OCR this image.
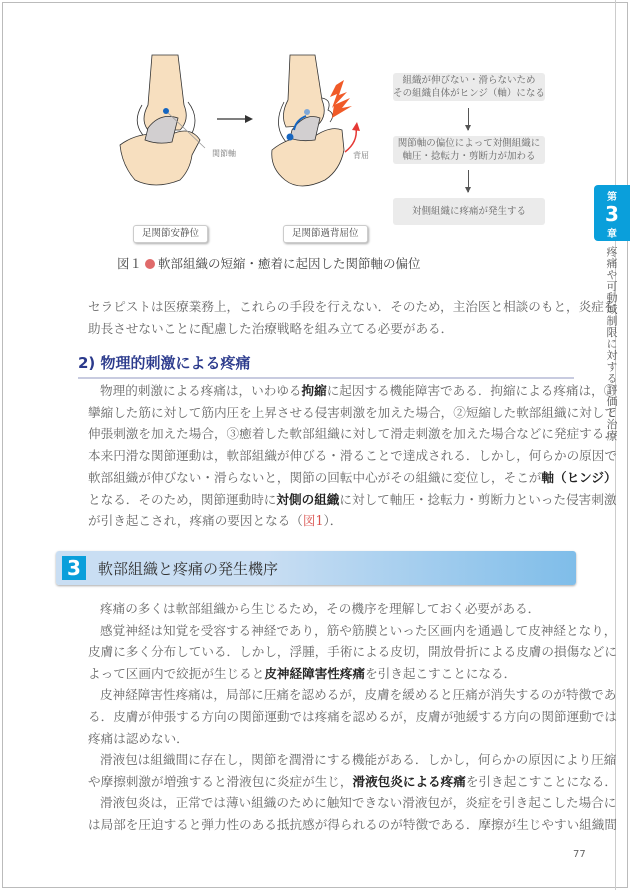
関節軸	背屈
足関節安静位	足関節過背屈位
組織が伸びない・滑らないため
その組織自体がヒンジ（軸）になる
関節軸の偏位によって対側組織に
軸圧・捻転力・剪断力が加わる
対側組織に疼痛が発生する
図１ 軟部組織の短縮・癒着に起因した関節軸の偏位
セラピストは医療業務上，これらの手段を行えない．そのため，主治医と相談のもと，炎症を
助長させないことに配慮した治療戦略を組み立てる必要がある．
2) 物理的刺激による疼痛
物理的刺激による疼痛は，いわゆる拘縮に起因する機能障害である．拘縮による疼痛は，①
攣縮した筋に対して筋内圧を上昇させる侵害刺激を加えた場合，②短縮した軟部組織に対して
伸張刺激を加えた場合，③癒着した軟部組織に対して滑走刺激を加えた場合などに発症する．
本来円滑な関節運動は，軟部組織が伸びる・滑ることで達成される．しかし，何らかの原因で
軟部組織が伸びない・滑らないと，関節の回転中心がその組織に変位し，そこが軸（ヒンジ）
となる．そのため，関節運動時に対側の組織に対して軸圧・捻転力・剪断力といった侵害刺激
が引き起こされ，疼痛の要因となる（図1）．
3	軟部組織と疼痛の発生機序
疼痛の多くは軟部組織から生じるため，その機序を理解しておく必要がある．
感覚神経は知覚を受容する神経であり，筋や筋膜といった区画内を通過して皮神経となり，
皮膚に多く分布している．しかし，浮腫，手術による皮切，開放骨折による皮膚の損傷などに
よって区画内で絞扼が生じると皮神経障害性疼痛を引き起こすことになる．
皮神経障害性疼痛は，局部に圧痛を認めるが，皮膚を緩めると圧痛が消失するのが特徴であ
る．皮膚が伸張する方向の関節運動では疼痛を認めるが，皮膚が弛緩する方向の関節運動では
疼痛は認めない．
滑液包は組織間に存在し，関節を潤滑にする機能がある．しかし，何らかの原因により圧縮
や摩擦刺激が増強すると滑液包に炎症が生じ，滑液包炎による疼痛を引き起こすことになる．
滑液包炎は，正常では薄い組織のために触知できない滑液包が，炎症を引き起こした場合に
は局部を圧迫すると弾力性のある抵抗感が得られるのが特徴である．摩擦が生じやすい組織間
第
3
章
疼痛や可動域制限に対する評価と治療
77
